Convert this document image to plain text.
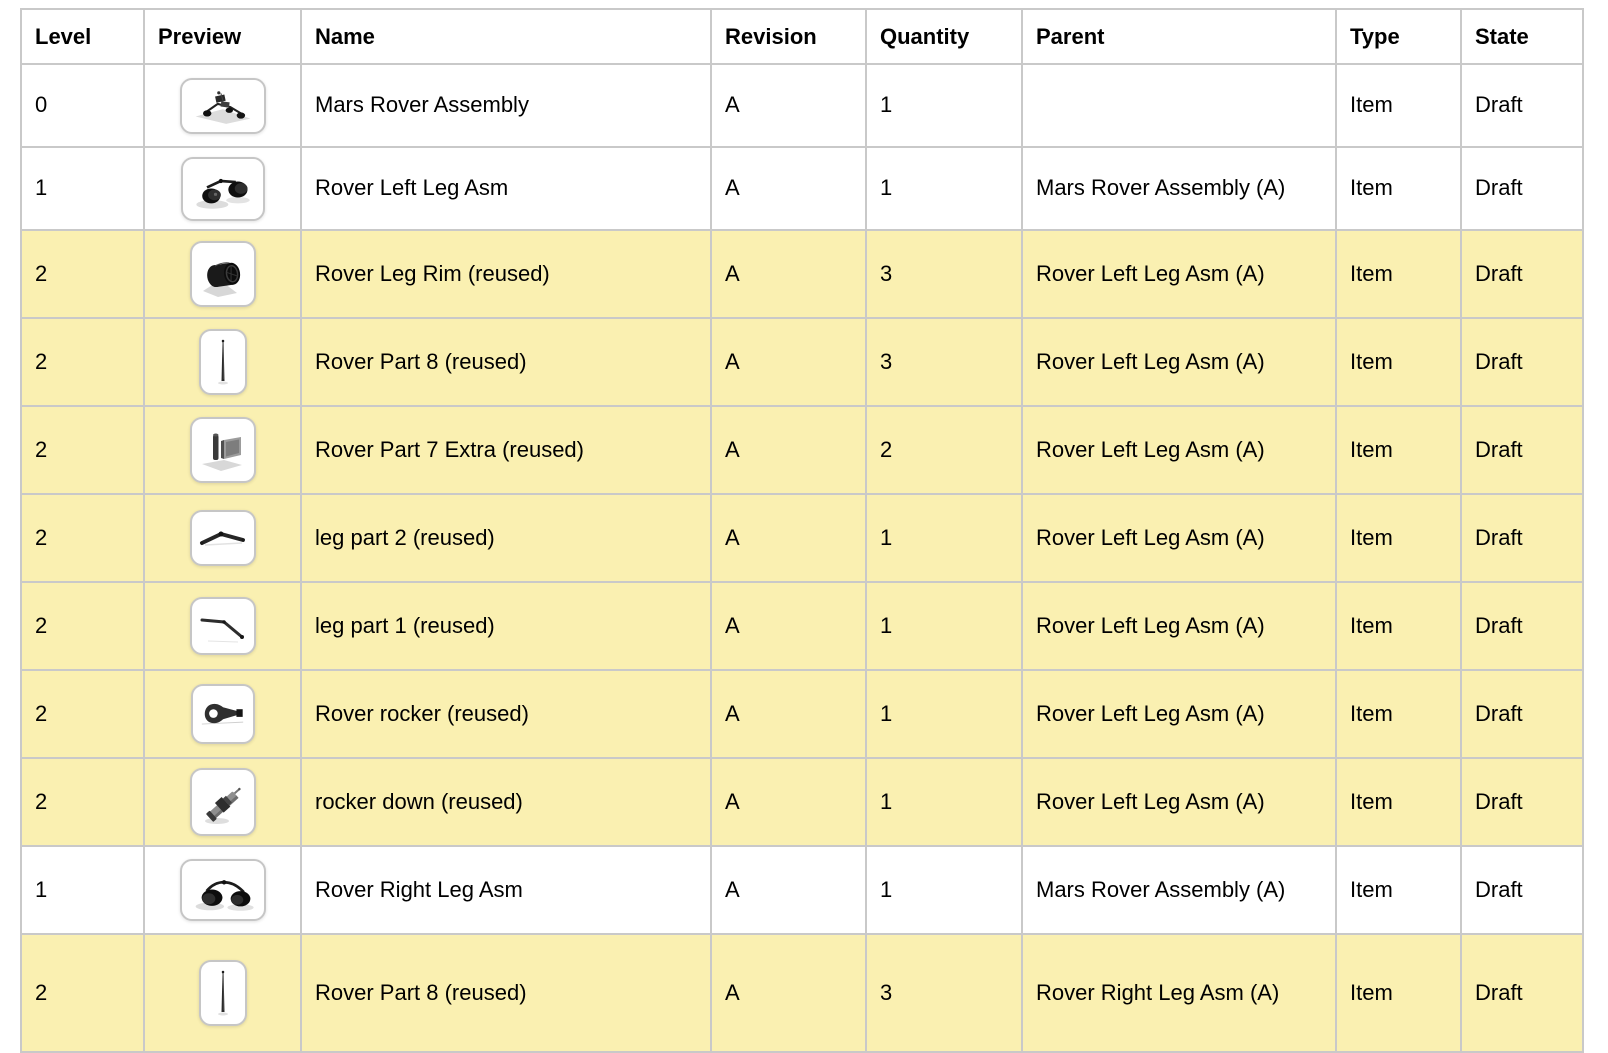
Level	Preview	Name	Revision	Quantity	Parent	Type	State
0		Mars Rover Assembly	A	1		Item	Draft
1		Rover Left Leg Asm	A	1	Mars Rover Assembly (A)	Item	Draft
2		Rover Leg Rim (reused)	A	3	Rover Left Leg Asm (A)	Item	Draft
2		Rover Part 8 (reused)	A	3	Rover Left Leg Asm (A)	Item	Draft
2		Rover Part 7 Extra (reused)	A	2	Rover Left Leg Asm (A)	Item	Draft
2		leg part 2 (reused)	A	1	Rover Left Leg Asm (A)	Item	Draft
2		leg part 1 (reused)	A	1	Rover Left Leg Asm (A)	Item	Draft
2		Rover rocker (reused)	A	1	Rover Left Leg Asm (A)	Item	Draft
2		rocker down (reused)	A	1	Rover Left Leg Asm (A)	Item	Draft
1		Rover Right Leg Asm	A	1	Mars Rover Assembly (A)	Item	Draft
2		Rover Part 8 (reused)	A	3	Rover Right Leg Asm (A)	Item	Draft
